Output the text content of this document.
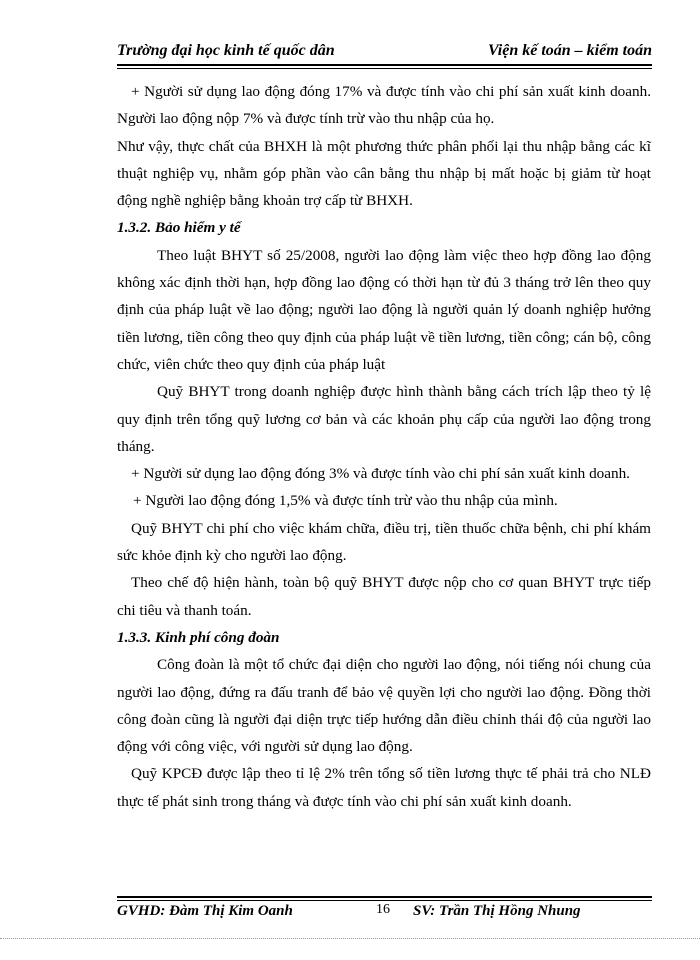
Trường đại học kinh tế quốc dân	Viện kế toán – kiểm toán

+ Người sử dụng lao động đóng 17% và được tính vào chi phí sản xuất kinh doanh. Người lao động nộp 7% và được tính trừ vào thu nhập của họ.

Như vậy, thực chất của BHXH là một phương thức phân phối lại thu nhập bằng các kĩ thuật nghiệp vụ, nhằm góp phần vào cân bằng thu nhập bị mất hoặc bị giảm từ hoạt động nghề nghiệp bằng khoản trợ cấp từ BHXH.

1.3.2. Bảo hiểm y tế

Theo luật BHYT số 25/2008, người lao động làm việc theo hợp đồng lao động không xác định thời hạn, hợp đồng lao động có thời hạn từ đủ 3 tháng trở lên theo quy định của pháp luật về lao động; người lao động là người quản lý doanh nghiệp hưởng tiền lương, tiền công theo quy định của pháp luật về tiền lương, tiền công; cán bộ, công chức, viên chức theo quy định của pháp luật

Quỹ BHYT trong doanh nghiệp được hình thành bằng cách trích lập theo tỷ lệ quy định trên tổng quỹ lương cơ bản và các khoản phụ cấp của người lao động trong tháng.

+ Người sử dụng lao động đóng 3% và được tính vào chi phí sản xuất kinh doanh.

+ Người lao động đóng 1,5% và được tính trừ vào thu nhập của mình.

Quỹ BHYT chi phí cho việc khám chữa, điều trị, tiền thuốc chữa bệnh, chi phí khám sức khỏe định kỳ cho người lao động.

Theo chế độ hiện hành, toàn bộ quỹ BHYT được nộp cho cơ quan BHYT trực tiếp chi tiêu và thanh toán.

1.3.3. Kinh phí công đoàn

Công đoàn là một tổ chức đại diện cho người lao động, nói tiếng nói chung của người lao động, đứng ra đấu tranh để bảo vệ quyền lợi cho người lao động. Đồng thời công đoàn cũng là người đại diện trực tiếp hướng dẫn điều chỉnh thái độ của người lao động với công việc, với người sử dụng lao động.

Quỹ KPCĐ được lập theo tỉ lệ 2% trên tổng số tiền lương thực tế phải trả cho NLĐ thực tế phát sinh trong tháng và được tính vào chi phí sản xuất kinh doanh.

GVHD: Đàm Thị Kim Oanh	16 SV: Trần Thị Hồng Nhung
